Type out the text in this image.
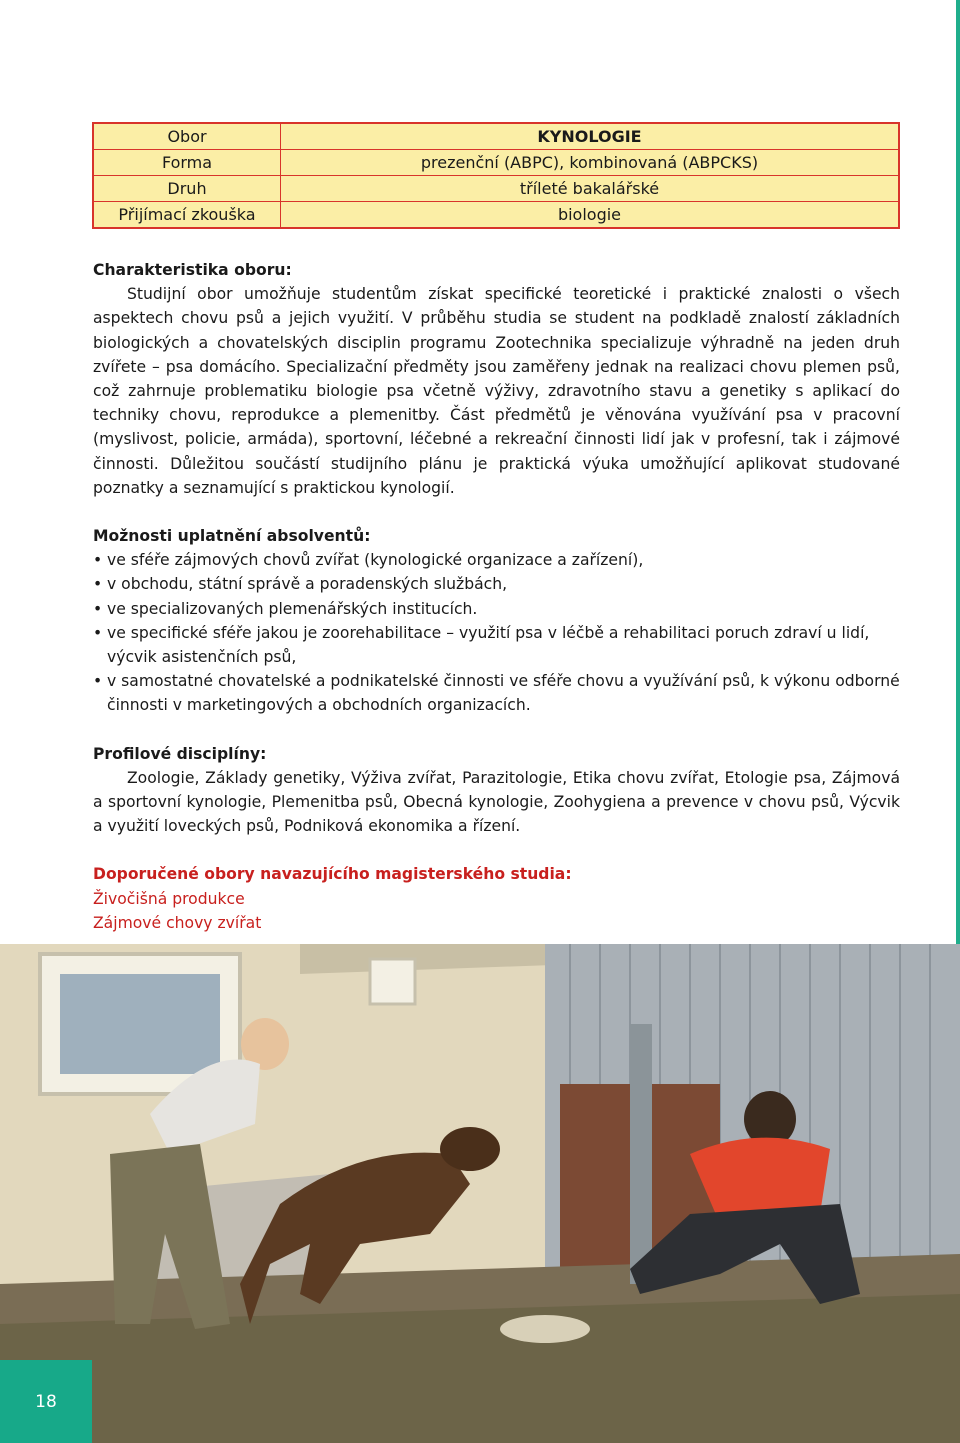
Obor	KYNOLOGIE
Forma	prezenční (ABPC), kombinovaná (ABPCKS)
Druh	tříleté bakalářské
Přijímací zkouška	biologie

Charakteristika oboru:

Studijní obor umožňuje studentům získat specifické teoretické i praktické znalosti o všech aspektech chovu psů a jejich využití. V průběhu studia se student na podkladě znalostí základních biologických a chovatelských disciplin programu Zootechnika specializuje výhradně na jeden druh zvířete – psa domácího. Specializační předměty jsou zaměřeny jednak na realizaci chovu plemen psů, což zahrnuje problematiku biologie psa včetně výživy, zdravotního stavu a genetiky s aplikací do techniky chovu, reprodukce a plemenitby. Část předmětů je věnována využívání psa v pracovní (myslivost, policie, armáda), sportovní, léčebné a rekreační činnosti lidí jak v profesní, tak i zájmové činnosti. Důležitou součástí studijního plánu je praktická výuka umožňující aplikovat studované poznatky a seznamující s praktickou kynologií.

Možnosti uplatnění absolventů:

• ve sféře zájmových chovů zvířat (kynologické organizace a zařízení),
• v obchodu, státní správě a poradenských službách,
• ve specializovaných plemenářských institucích.
• ve specifické sféře jakou je zoorehabilitace – využití psa v léčbě a rehabilitaci poruch zdraví u lidí, výcvik asistenčních psů,
• v samostatné chovatelské a podnikatelské činnosti ve sféře chovu a využívání psů, k výkonu odborné činnosti v marketingových a obchodních organizacích.

Profilové disciplíny:

Zoologie, Základy genetiky, Výživa zvířat, Parazitologie, Etika chovu zvířat, Etologie psa, Zájmová a sportovní kynologie, Plemenitba psů, Obecná kynologie, Zoohygiena a prevence v chovu psů, Výcvik a využití loveckých psů, Podniková ekonomika a řízení.

Doporučené obory navazujícího magisterského studia:

Živočišná produkce

Zájmové chovy zvířat

18
